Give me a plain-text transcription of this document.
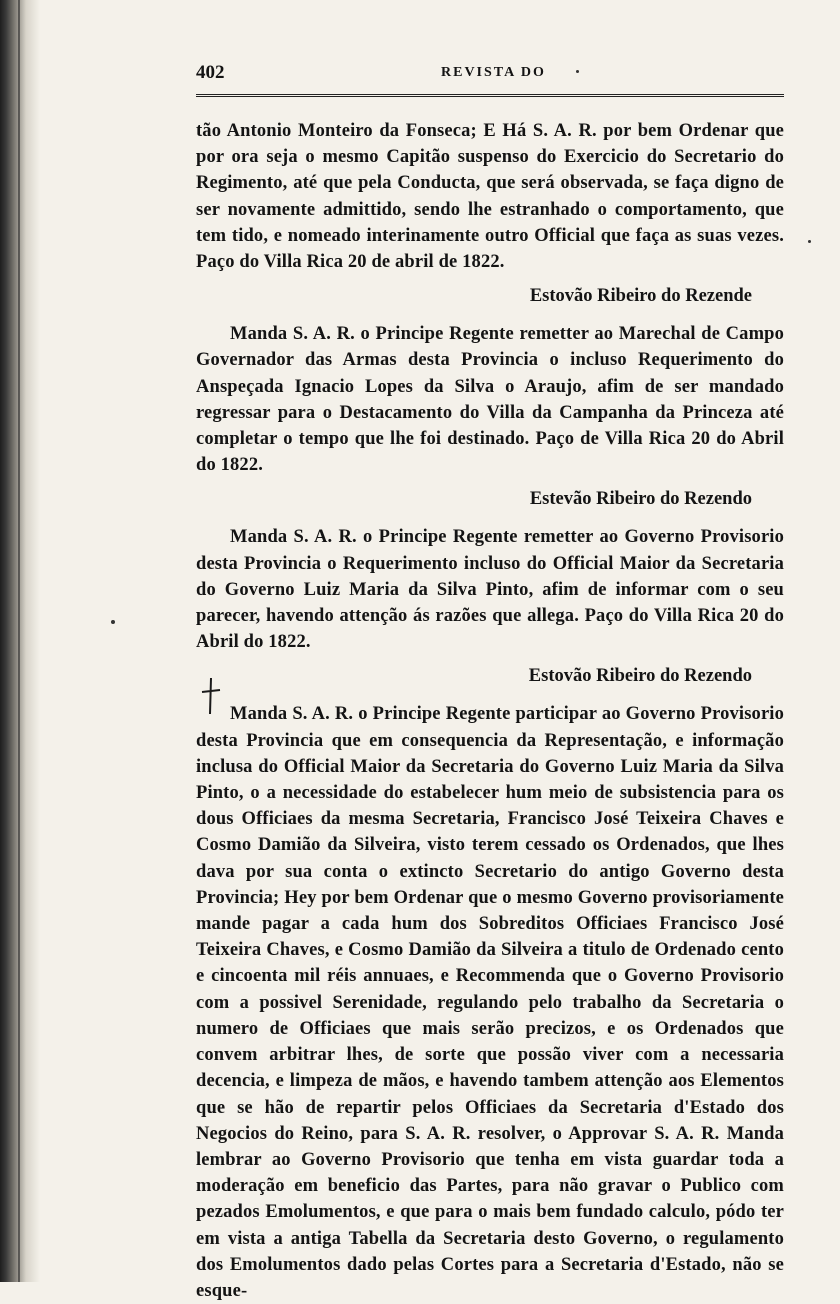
402	REVISTA DO

tão Antonio Monteiro da Fonseca; E Há S. A. R. por bem Ordenar que por ora seja o mesmo Capitão suspenso do Exercicio do Secretario do Regimento, até que pela Conducta, que será observada, se faça digno de ser novamente admittido, sendo lhe estranhado o comportamento, que tem tido, e nomeado interinamente outro Official que faça as suas vezes. Paço do Villa Rica 20 de abril de 1822.

Estovão Ribeiro do Rezende

Manda S. A. R. o Principe Regente remetter ao Marechal de Campo Governador das Armas desta Provincia o incluso Requerimento do Anspeçada Ignacio Lopes da Silva o Araujo, afim de ser mandado regressar para o Destacamento do Villa da Campanha da Princeza até completar o tempo que lhe foi destinado. Paço de Villa Rica 20 do Abril do 1822.

Estevão Ribeiro do Rezendo

Manda S. A. R. o Principe Regente remetter ao Governo Provisorio desta Provincia o Requerimento incluso do Official Maior da Secretaria do Governo Luiz Maria da Silva Pinto, afim de informar com o seu parecer, havendo attenção ás razões que allega. Paço do Villa Rica 20 do Abril do 1822.

Estovão Ribeiro do Rezendo

Manda S. A. R. o Principe Regente participar ao Governo Provisorio desta Provincia que em consequencia da Representação, e informação inclusa do Official Maior da Secretaria do Governo Luiz Maria da Silva Pinto, o a necessidade do estabelecer hum meio de subsistencia para os dous Officiaes da mesma Secretaria, Francisco José Teixeira Chaves e Cosmo Damião da Silveira, visto terem cessado os Ordenados, que lhes dava por sua conta o extincto Secretario do antigo Governo desta Provincia; Hey por bem Ordenar que o mesmo Governo provisoriamente mande pagar a cada hum dos Sobreditos Officiaes Francisco José Teixeira Chaves, e Cosmo Damião da Silveira a titulo de Ordenado cento e cincoenta mil réis annuaes, e Recommenda que o Governo Provisorio com a possivel Serenidade, regulando pelo trabalho da Secretaria o numero de Officiaes que mais serão precizos, e os Ordenados que convem arbitrar lhes, de sorte que possão viver com a necessaria decencia, e limpeza de mãos, e havendo tambem attenção aos Elementos que se hão de repartir pelos Officiaes da Secretaria d'Estado dos Negocios do Reino, para S. A. R. resolver, o Approvar S. A. R. Manda lembrar ao Governo Provisorio que tenha em vista guardar toda a moderação em beneficio das Partes, para não gravar o Publico com pezados Emolumentos, e que para o mais bem fundado calculo, pódo ter em vista a antiga Tabella da Secretaria desto Governo, o regulamento dos Emolumentos dado pelas Cortes para a Secretaria d'Estado, não se esque-
